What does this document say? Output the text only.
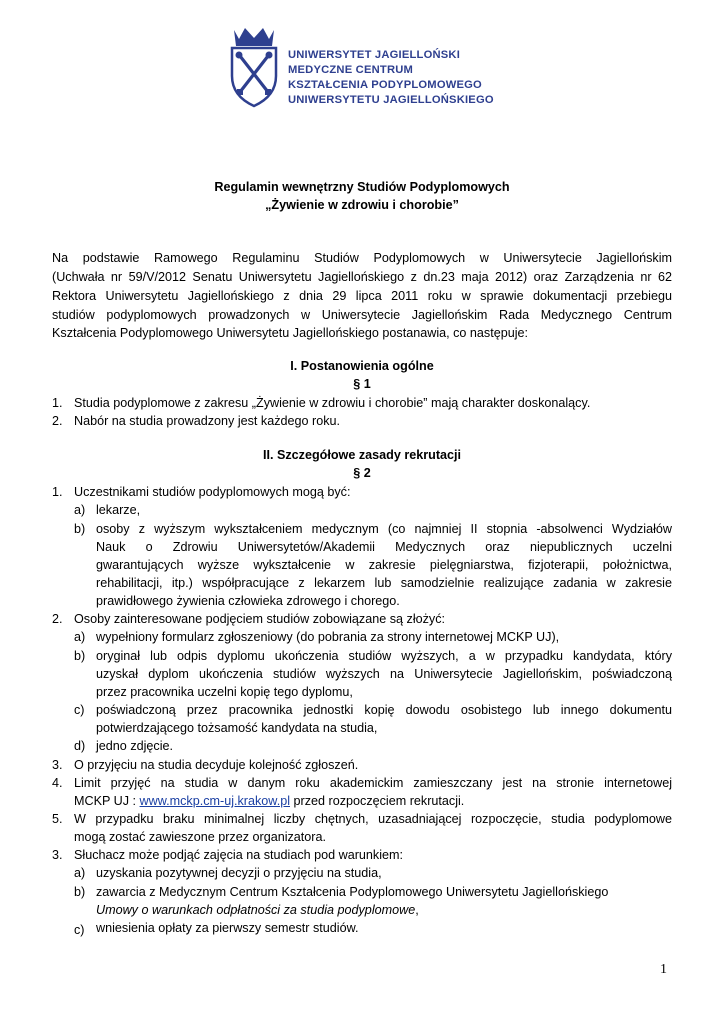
UNIWERSYTET JAGIELLOŃSKI
MEDYCZNE CENTRUM
KSZTAŁCENIA PODYPLOMOWEGO
UNIWERSYTETU JAGIELLOŃSKIEGO
Regulamin wewnętrzny Studiów Podyplomowych
„Żywienie w zdrowiu i chorobie”
Na podstawie Ramowego Regulaminu Studiów Podyplomowych w Uniwersytecie Jagiellońskim
(Uchwała nr 59/V/2012 Senatu Uniwersytetu Jagiellońskiego z dn.23 maja 2012) oraz Zarządzenia nr 62
Rektora Uniwersytetu Jagiellońskiego z dnia 29 lipca 2011 roku w sprawie dokumentacji przebiegu
studiów podyplomowych prowadzonych w Uniwersytecie Jagiellońskim Rada Medycznego Centrum
Kształcenia Podyplomowego Uniwersytetu Jagiellońskiego postanawia, co następuje:
I. Postanowienia ogólne
§ 1
1. Studia podyplomowe z zakresu „Żywienie w zdrowiu i chorobie” mają charakter doskonalący.
2. Nabór na studia prowadzony jest każdego roku.
II. Szczegółowe zasady rekrutacji
§ 2
1. Uczestnikami studiów podyplomowych mogą być:
a) lekarze,
b) osoby z wyższym wykształceniem medycznym (co najmniej II stopnia -absolwenci Wydziałów
Nauk o Zdrowiu Uniwersytetów/Akademii Medycznych oraz niepublicznych uczelni
gwarantujących wyższe wykształcenie w zakresie pielęgniarstwa, fizjoterapii, położnictwa,
rehabilitacji, itp.) współpracujące z lekarzem lub samodzielnie realizujące zadania w zakresie
prawidłowego żywienia człowieka zdrowego i chorego.
2. Osoby zainteresowane podjęciem studiów zobowiązane są złożyć:
a) wypełniony formularz zgłoszeniowy (do pobrania za strony internetowej MCKP UJ),
b) oryginał lub odpis dyplomu ukończenia studiów wyższych, a w przypadku kandydata, który
uzyskał dyplom ukończenia studiów wyższych na Uniwersytecie Jagiellońskim, poświadczoną
przez pracownika uczelni kopię tego dyplomu,
c) poświadczoną przez pracownika jednostki kopię dowodu osobistego lub innego dokumentu
potwierdzającego tożsamość kandydata na studia,
d) jedno zdjęcie.
3. O przyjęciu na studia decyduje kolejność zgłoszeń.
4. Limit przyjęć na studia w danym roku akademickim zamieszczany jest na stronie internetowej
MCKP UJ : www.mckp.cm-uj.krakow.pl przed rozpoczęciem rekrutacji.
5. W przypadku braku minimalnej liczby chętnych, uzasadniającej rozpoczęcie, studia podyplomowe
mogą zostać zawieszone przez organizatora.
3. Słuchacz może podjąć zajęcia na studiach pod warunkiem:
a) uzyskania pozytywnej decyzji o przyjęciu na studia,
b) zawarcia z Medycznym Centrum Kształcenia Podyplomowego Uniwersytetu Jagiellońskiego
Umowy o warunkach odpłatności za studia podyplomowe,
c) wniesienia opłaty za pierwszy semestr studiów.
1
